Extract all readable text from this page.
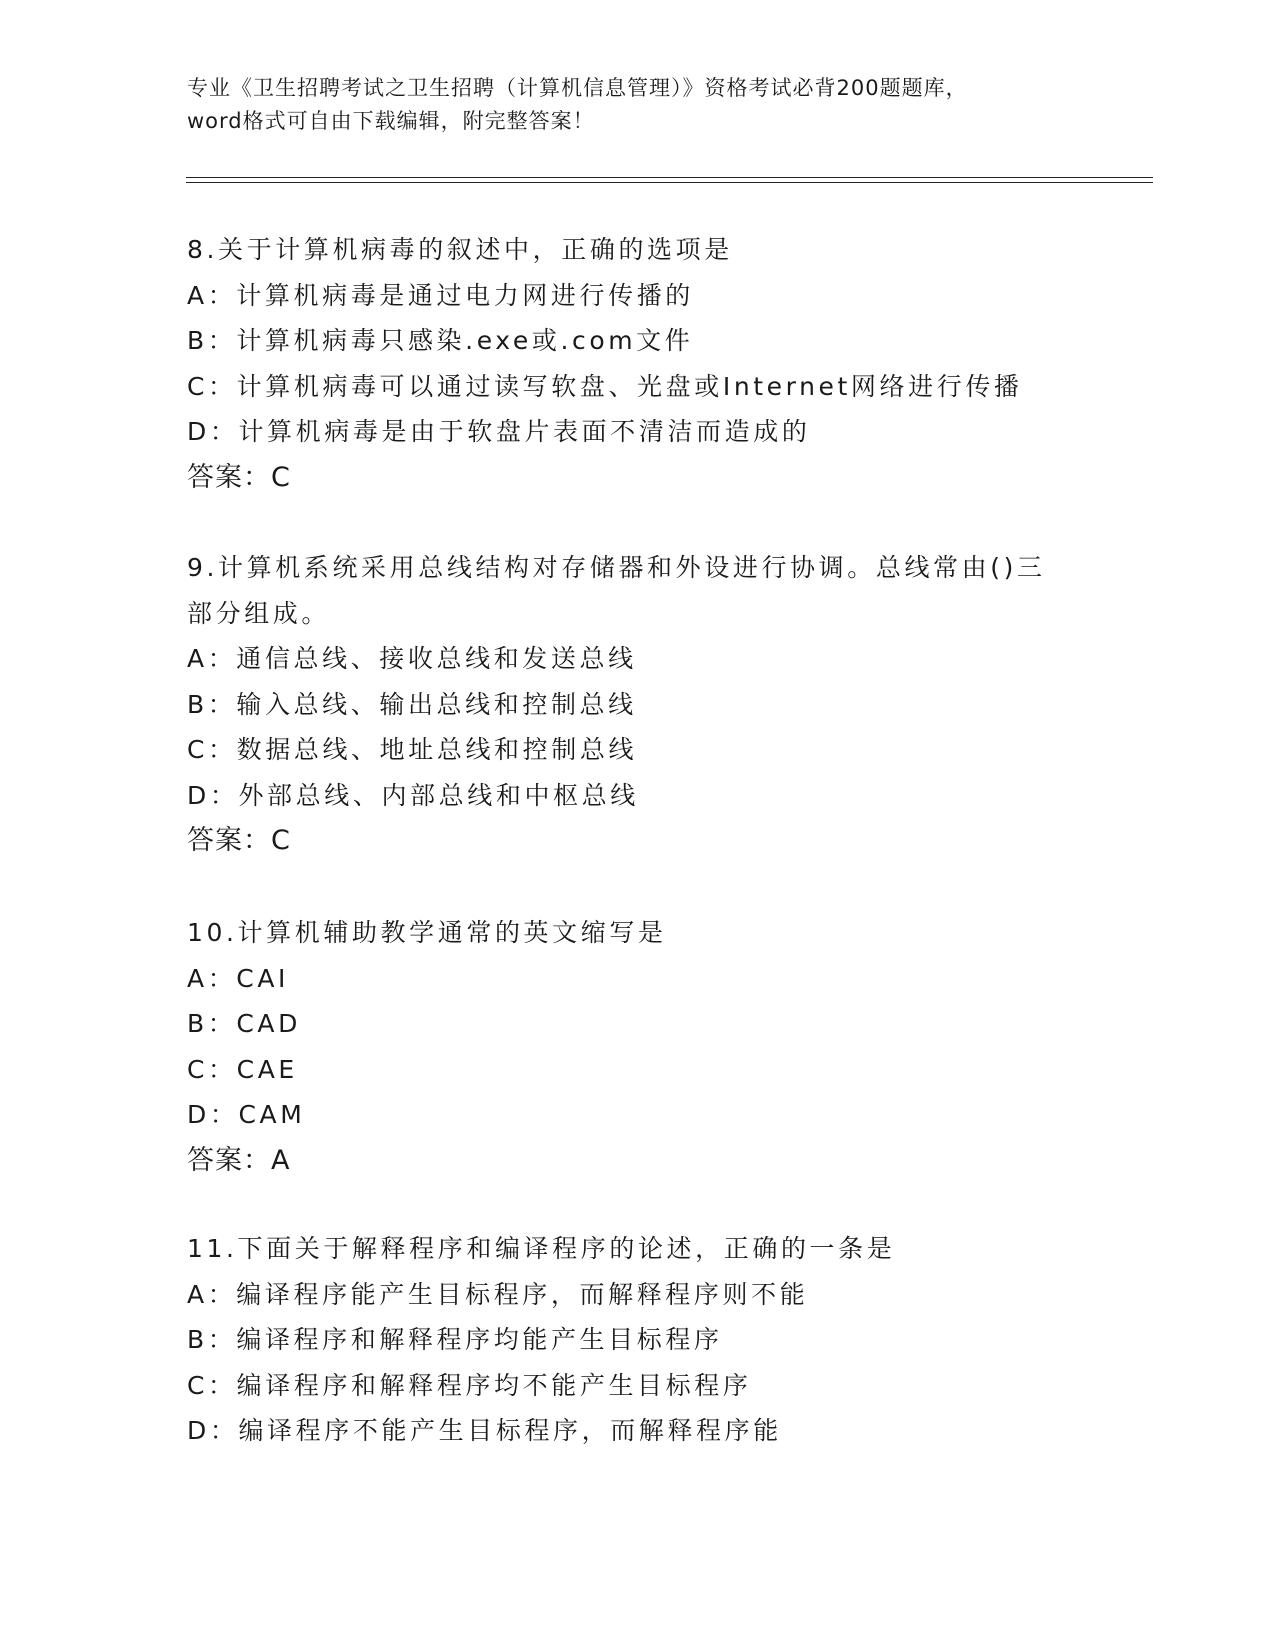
专业《卫生招聘考试之卫生招聘（计算机信息管理）》资格考试必背200题题库，
word格式可自由下载编辑，附完整答案！
8.关于计算机病毒的叙述中，正确的选项是
A：计算机病毒是通过电力网进行传播的
B：计算机病毒只感染.exe或.com文件
C：计算机病毒可以通过读写软盘、光盘或Internet网络进行传播
D：计算机病毒是由于软盘片表面不清洁而造成的
答案：C
9.计算机系统采用总线结构对存储器和外设进行协调。总线常由()三
部分组成。
A：通信总线、接收总线和发送总线
B：输入总线、输出总线和控制总线
C：数据总线、地址总线和控制总线
D：外部总线、内部总线和中枢总线
答案：C
10.计算机辅助教学通常的英文缩写是
A：CAI
B：CAD
C：CAE
D：CAM
答案：A
11.下面关于解释程序和编译程序的论述，正确的一条是
A：编译程序能产生目标程序，而解释程序则不能
B：编译程序和解释程序均能产生目标程序
C：编译程序和解释程序均不能产生目标程序
D：编译程序不能产生目标程序，而解释程序能
